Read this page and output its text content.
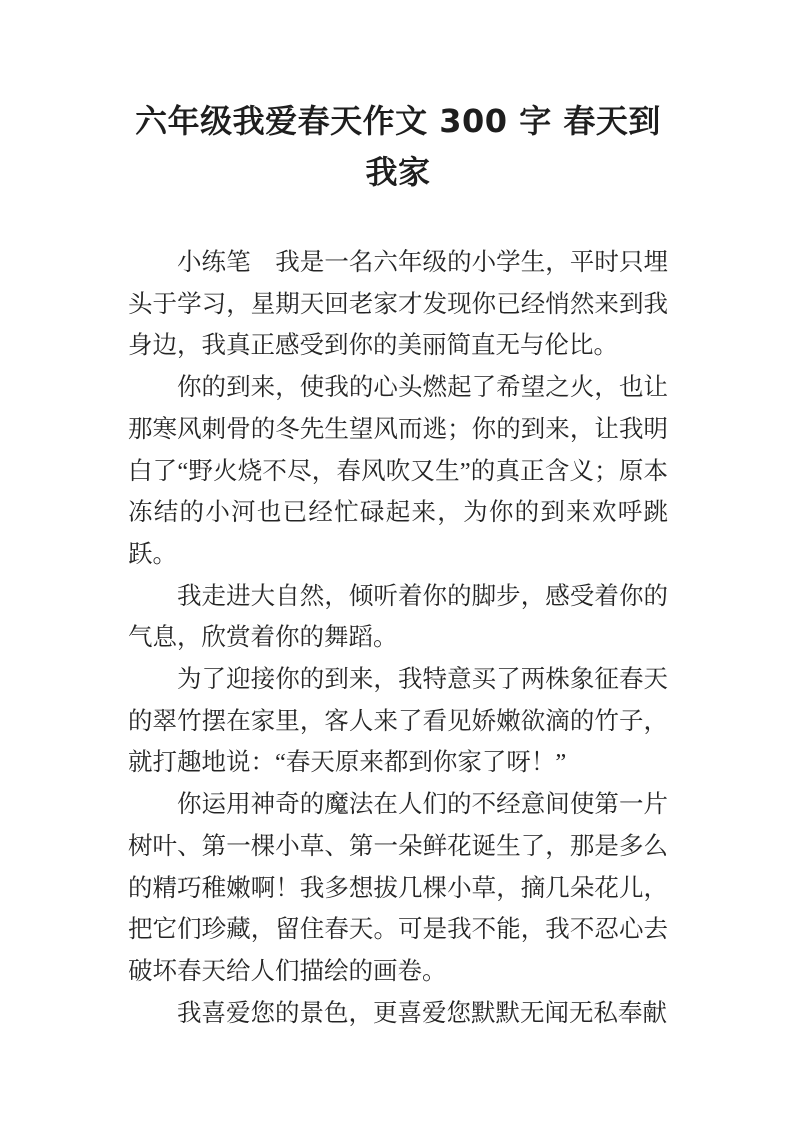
六年级我爱春天作文 300 字 春天到我家

小练笔　我是一名六年级的小学生，平时只埋头于学习，星期天回老家才发现你已经悄然来到我身边，我真正感受到你的美丽简直无与伦比。

你的到来，使我的心头燃起了希望之火，也让那寒风刺骨的冬先生望风而逃；你的到来，让我明白了“野火烧不尽，春风吹又生”的真正含义；原本冻结的小河也已经忙碌起来，为你的到来欢呼跳跃。

我走进大自然，倾听着你的脚步，感受着你的气息，欣赏着你的舞蹈。

为了迎接你的到来，我特意买了两株象征春天的翠竹摆在家里，客人来了看见娇嫩欲滴的竹子，就打趣地说：“春天原来都到你家了呀！”

你运用神奇的魔法在人们的不经意间使第一片树叶、第一棵小草、第一朵鲜花诞生了，那是多么的精巧稚嫩啊！我多想拔几棵小草，摘几朵花儿，把它们珍藏，留住春天。可是我不能，我不忍心去破坏春天给人们描绘的画卷。

我喜爱您的景色，更喜爱您默默无闻无私奉献
